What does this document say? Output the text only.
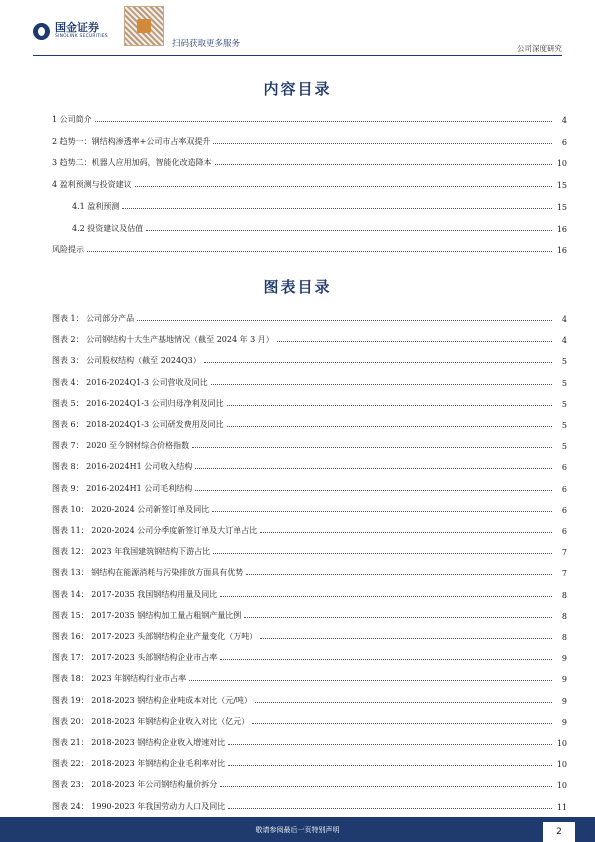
国金证券
SINOLINK SECURITIES
扫码获取更多服务	公司深度研究
内容目录
1 公司简介	4
2 趋势一：钢结构渗透率+公司市占率双提升	6
3 趋势二：机器人应用加码，智能化改造降本	10
4 盈利预测与投资建议	15
4.1 盈利预测	15
4.2 投资建议及估值	16
风险提示	16
图表目录
图表 1： 公司部分产品	4
图表 2： 公司钢结构十大生产基地情况（截至 2024 年 3 月）	4
图表 3： 公司股权结构（截至 2024Q3）	5
图表 4： 2016-2024Q1-3 公司营收及同比	5
图表 5： 2016-2024Q1-3 公司归母净利及同比	5
图表 6： 2018-2024Q1-3 公司研发费用及同比	5
图表 7： 2020 至今钢材综合价格指数	5
图表 8： 2016-2024H1 公司收入结构	6
图表 9： 2016-2024H1 公司毛利结构	6
图表 10： 2020-2024 公司新签订单及同比	6
图表 11： 2020-2024 公司分季度新签订单及大订单占比	6
图表 12： 2023 年我国建筑钢结构下游占比	7
图表 13： 钢结构在能源消耗与污染排放方面具有优势	7
图表 14： 2017-2035 我国钢结构用量及同比	8
图表 15： 2017-2035 钢结构加工量占粗钢产量比例	8
图表 16： 2017-2023 头部钢结构企业产量变化（万吨）	8
图表 17： 2017-2023 头部钢结构企业市占率	9
图表 18： 2023 年钢结构行业市占率	9
图表 19： 2018-2023 钢结构企业吨成本对比（元/吨）	9
图表 20： 2018-2023 年钢结构企业收入对比（亿元）	9
图表 21： 2018-2023 钢结构企业收入增速对比	10
图表 22： 2018-2023 年钢结构企业毛利率对比	10
图表 23： 2018-2023 年公司钢结构量价拆分	10
图表 24： 1990-2023 年我国劳动力人口及同比	11
敬请参阅最后一页特别声明	2
